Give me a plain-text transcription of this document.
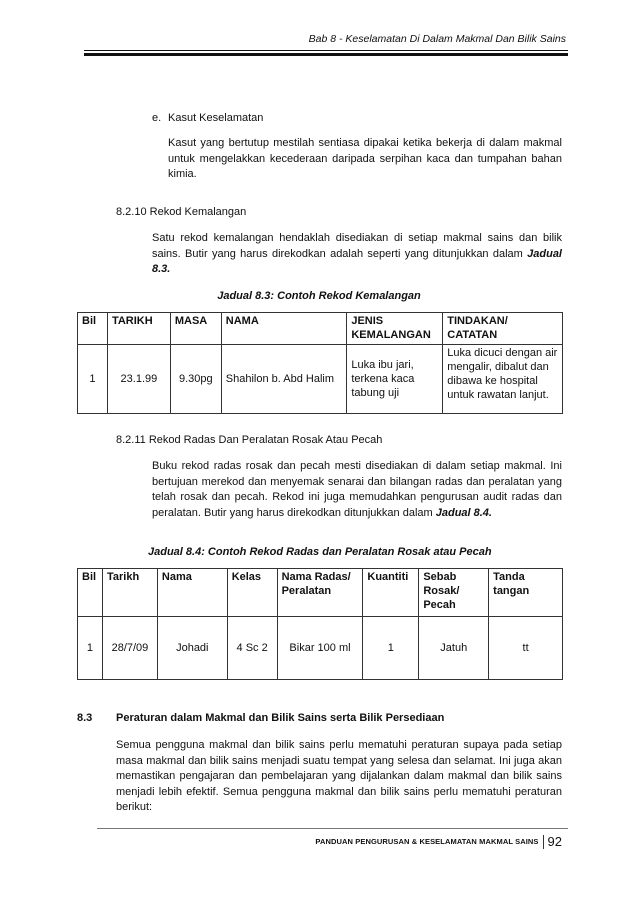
Bab 8 - Keselamatan Di Dalam Makmal Dan Bilik Sains
e. Kasut Keselamatan
Kasut yang bertutup mestilah sentiasa dipakai ketika bekerja di dalam makmal untuk mengelakkan kecederaan daripada serpihan kaca dan tumpahan bahan kimia.
8.2.10 Rekod Kemalangan
Satu rekod kemalangan hendaklah disediakan di setiap makmal sains dan bilik sains. Butir yang harus direkodkan adalah seperti yang ditunjukkan dalam Jadual 8.3.
Jadual 8.3: Contoh Rekod Kemalangan
Bil	TARIKH	MASA	NAMA	JENIS KEMALANGAN	TINDAKAN/ CATATAN
1	23.1.99	9.30pg	Shahilon b. Abd Halim	Luka ibu jari, terkena kaca tabung uji	Luka dicuci dengan air mengalir, dibalut dan dibawa ke hospital untuk rawatan lanjut.
8.2.11 Rekod Radas Dan Peralatan Rosak Atau Pecah
Buku rekod radas rosak dan pecah mesti disediakan di dalam setiap makmal. Ini bertujuan merekod dan menyemak senarai dan bilangan radas dan peralatan yang telah rosak dan pecah. Rekod ini juga memudahkan pengurusan audit radas dan peralatan. Butir yang harus direkodkan ditunjukkan dalam Jadual 8.4.
Jadual 8.4: Contoh Rekod Radas dan Peralatan Rosak atau Pecah
Bil	Tarikh	Nama	Kelas	Nama Radas/ Peralatan	Kuantiti	Sebab Rosak/ Pecah	Tanda tangan
1	28/7/09	Johadi	4 Sc 2	Bikar 100 ml	1	Jatuh	tt
8.3 Peraturan dalam Makmal dan Bilik Sains serta Bilik Persediaan
Semua pengguna makmal dan bilik sains perlu mematuhi peraturan supaya pada setiap masa makmal dan bilik sains menjadi suatu tempat yang selesa dan selamat. Ini juga akan memastikan pengajaran dan pembelajaran yang dijalankan dalam makmal dan bilik sains menjadi lebih efektif. Semua pengguna makmal dan bilik sains perlu mematuhi peraturan berikut:
PANDUAN PENGURUSAN & KESELAMATAN MAKMAL SAINS 92
